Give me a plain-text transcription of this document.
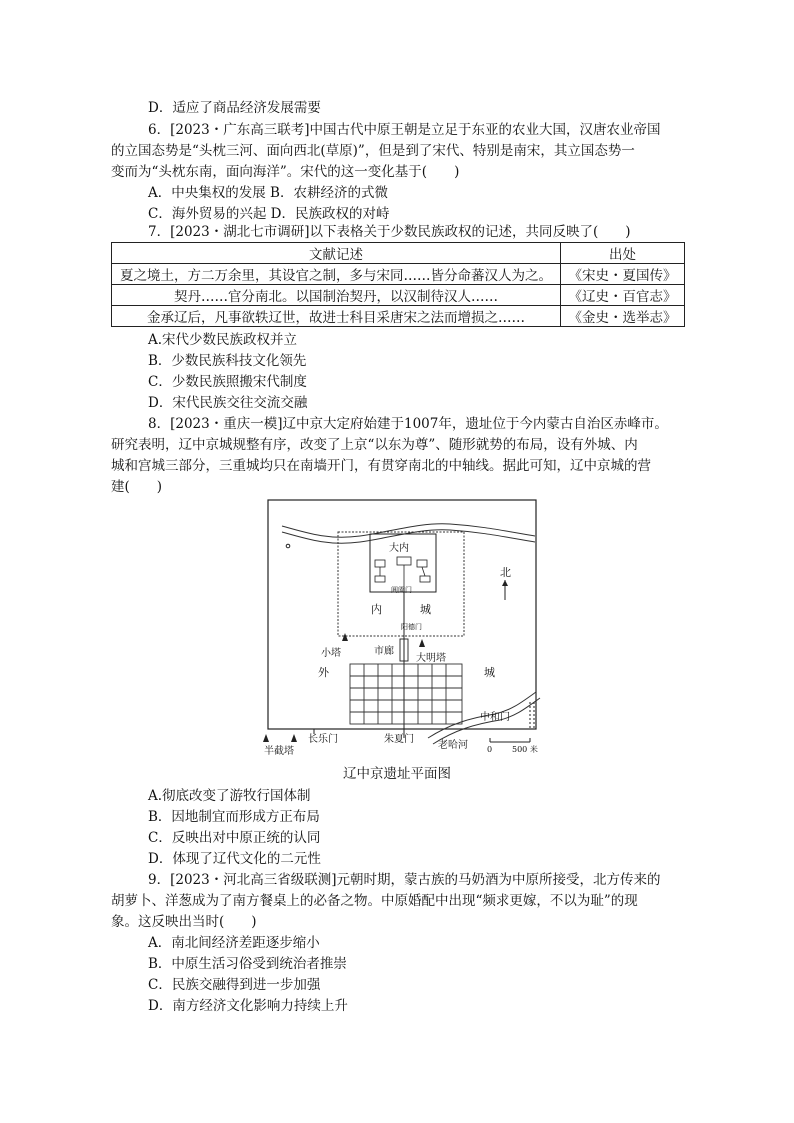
D．适应了商品经济发展需要
6．[2023・广东高三联考]中国古代中原王朝是立足于东亚的农业大国，汉唐农业帝国
的立国态势是“头枕三河、面向西北(草原)”，但是到了宋代、特别是南宋，其立国态势一
变而为“头枕东南，面向海洋”。宋代的这一变化基于(　　)
A．中央集权的发展 B．农耕经济的式微
C．海外贸易的兴起 D．民族政权的对峙
7．[2023・湖北七市调研]以下表格关于少数民族政权的记述，共同反映了(　　)
文献记述	出处
夏之境土，方二万余里，其设官之制，多与宋同……皆分命蕃汉人为之。	《宋史・夏国传》
契丹……官分南北。以国制治契丹，以汉制待汉人……	《辽史・百官志》
金承辽后，凡事欲轶辽世，故进士科目采唐宋之法而增损之……	《金史・选举志》
A.宋代少数民族政权并立
B．少数民族科技文化领先
C．少数民族照搬宋代制度
D．宋代民族交往交流交融
8．[2023・重庆一模]辽中京大定府始建于1007年，遗址位于今内蒙古自治区赤峰市。
研究表明，辽中京城规整有序，改变了上京“以东为尊”、随形就势的布局，设有外城、内
城和宫城三部分，三重城均只在南墙开门，有贯穿南北的中轴线。据此可知，辽中京城的营
建(　　)
大内
阊阖门
内	城
阳德门
市廊
小塔	大明塔
外	城
中和门
半截塔
长乐门	朱夏门
老哈河
北
0 500 米
辽中京遗址平面图
A.彻底改变了游牧行国体制
B．因地制宜而形成方正布局
C．反映出对中原正统的认同
D．体现了辽代文化的二元性
9．[2023・河北高三省级联测]元朝时期，蒙古族的马奶酒为中原所接受，北方传来的
胡萝卜、洋葱成为了南方餐桌上的必备之物。中原婚配中出现“频求更嫁，不以为耻”的现
象。这反映出当时(　　)
A．南北间经济差距逐步缩小
B．中原生活习俗受到统治者推崇
C．民族交融得到进一步加强
D．南方经济文化影响力持续上升
